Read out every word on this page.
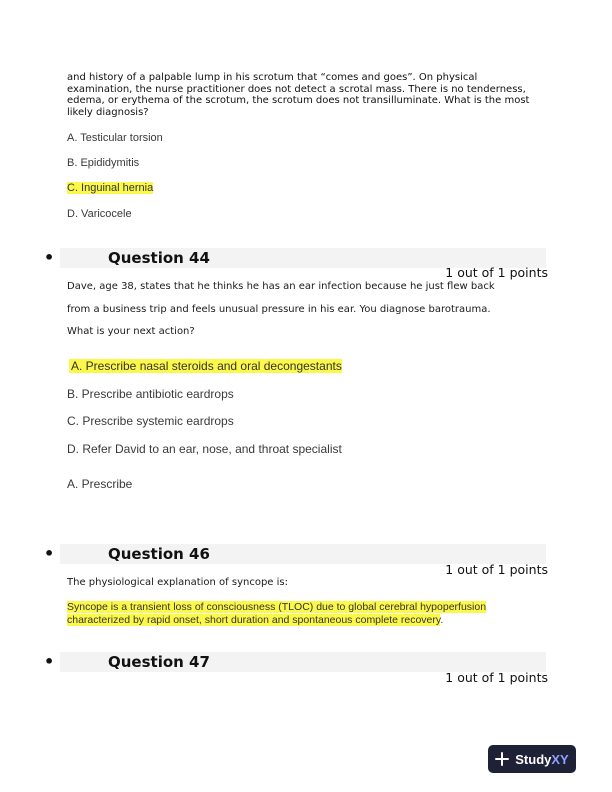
and history of a palpable lump in his scrotum that “comes and goes”. On physical examination, the nurse practitioner does not detect a scrotal mass. There is no tenderness, edema, or erythema of the scrotum, the scrotum does not transilluminate. What is the most likely diagnosis?
A. Testicular torsion
B. Epididymitis
C. Inguinal hernia
D. Varicocele
•	Question 44
1 out of 1 points
Dave, age 38, states that he thinks he has an ear infection because he just flew back
from a business trip and feels unusual pressure in his ear. You diagnose barotrauma.
What is your next action?
A. Prescribe nasal steroids and oral decongestants
B. Prescribe antibiotic eardrops
C. Prescribe systemic eardrops
D. Refer David to an ear, nose, and throat specialist
A. Prescribe
•	Question 46
1 out of 1 points
The physiological explanation of syncope is:
Syncope is a transient loss of consciousness (TLOC) due to global cerebral hypoperfusion
characterized by rapid onset, short duration and spontaneous complete recovery.
•	Question 47
1 out of 1 points
StudyXY
